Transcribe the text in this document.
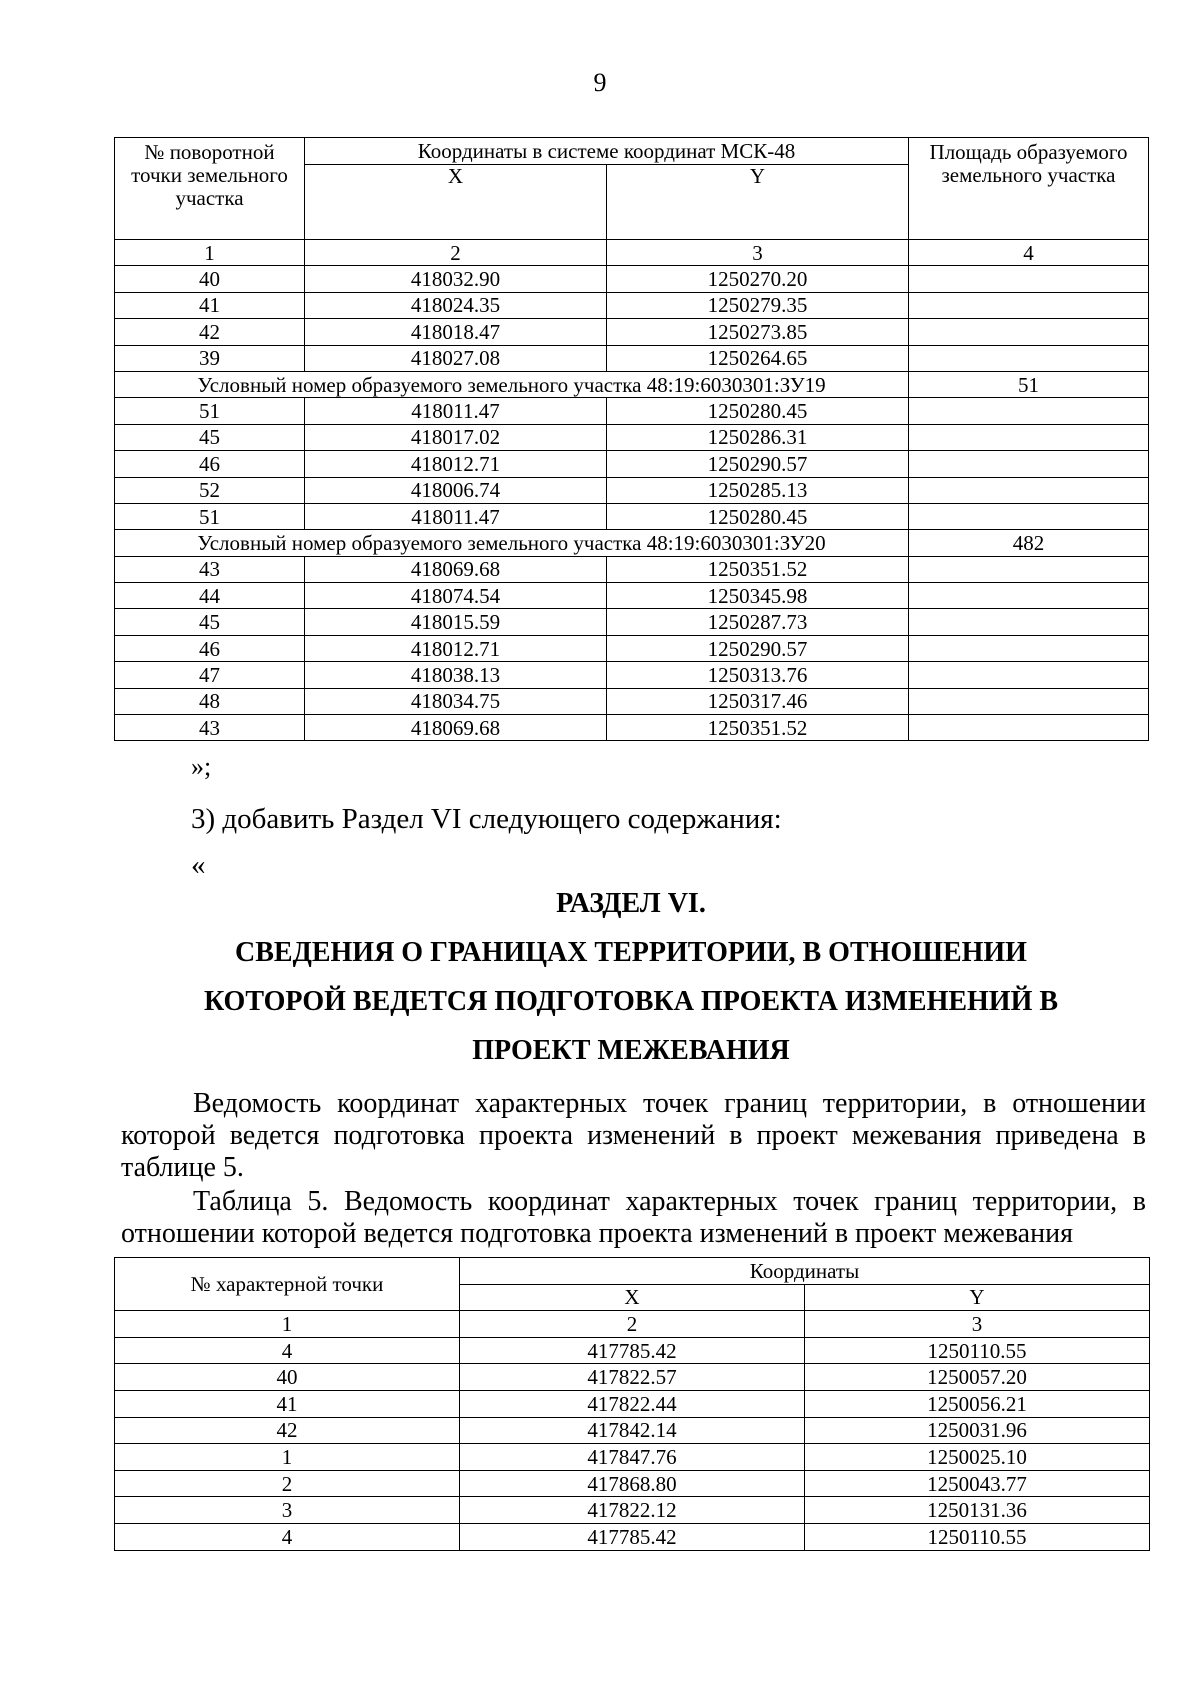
9
№ поворотной точки земельного участка	Координаты в системе координат МСК-48		Площадь образуемого земельного участка
	X	Y	
1	2	3	4
40	418032.90	1250270.20	
41	418024.35	1250279.35	
42	418018.47	1250273.85	
39	418027.08	1250264.65	
Условный номер образуемого земельного участка 48:19:6030301:ЗУ19			51
51	418011.47	1250280.45	
45	418017.02	1250286.31	
46	418012.71	1250290.57	
52	418006.74	1250285.13	
51	418011.47	1250280.45	
Условный номер образуемого земельного участка 48:19:6030301:ЗУ20			482
43	418069.68	1250351.52	
44	418074.54	1250345.98	
45	418015.59	1250287.73	
46	418012.71	1250290.57	
47	418038.13	1250313.76	
48	418034.75	1250317.46	
43	418069.68	1250351.52	
»;
3) добавить Раздел VI следующего содержания:
«
РАЗДЕЛ VI.
СВЕДЕНИЯ О ГРАНИЦАХ ТЕРРИТОРИИ, В ОТНОШЕНИИ
КОТОРОЙ ВЕДЕТСЯ ПОДГОТОВКА ПРОЕКТА ИЗМЕНЕНИЙ В
ПРОЕКТ МЕЖЕВАНИЯ
Ведомость координат характерных точек границ территории, в отношении которой ведется подготовка проекта изменений в проект межевания приведена в таблице 5.
Таблица 5. Ведомость координат характерных точек границ территории, в отношении которой ведется подготовка проекта изменений в проект межевания
№ характерной точки	Координаты	
	X	Y
1	2	3
4	417785.42	1250110.55
40	417822.57	1250057.20
41	417822.44	1250056.21
42	417842.14	1250031.96
1	417847.76	1250025.10
2	417868.80	1250043.77
3	417822.12	1250131.36
4	417785.42	1250110.55
